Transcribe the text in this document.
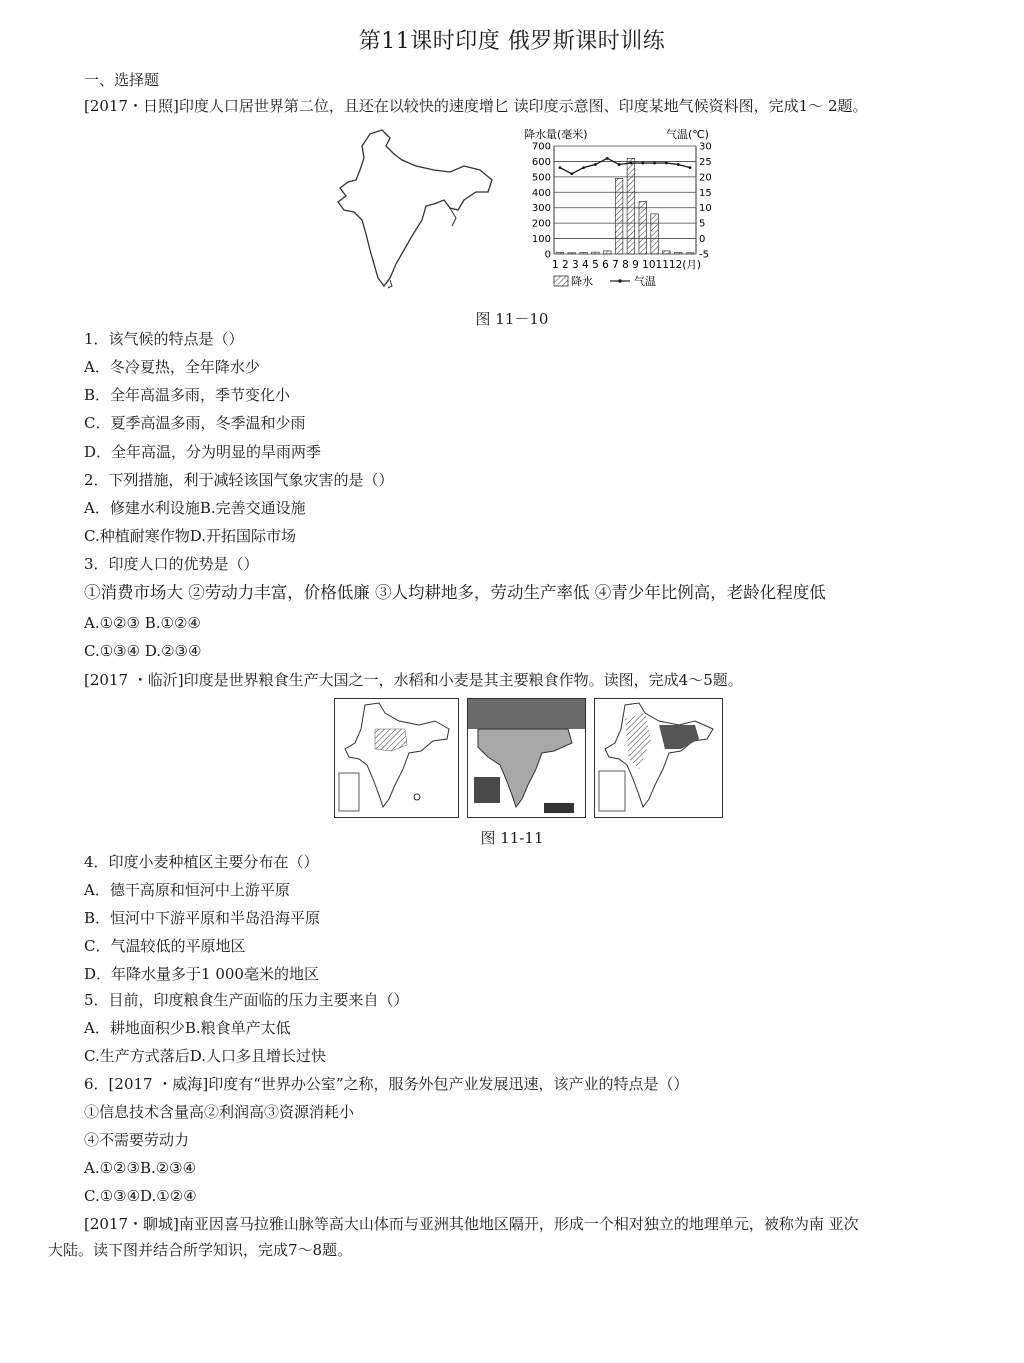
第11课时印度 俄罗斯课时训练
一、选择题
[2017・日照]印度人口居世界第二位，且还在以较快的速度增匕 读印度示意图、印度某地气候资料图，完成1～ 2题。
降水量(毫米)	气温(℃)
700
600
500
400
300
200
100
0
30
25
20
15
10
5
0
-5
1 2 3 4 5 6 7 8 9 101112(月)
降水	气温
图 11－10
1．该气候的特点是（）
A．冬冷夏热，全年降水少
B．全年高温多雨，季节变化小
C．夏季高温多雨，冬季温和少雨
D．全年高温，分为明显的旱雨两季
2．下列措施，利于减轻该国气象灾害的是（）
A．修建水利设施B.完善交通设施
C.种植耐寒作物D.开拓国际市场
3．印度人口的优势是（）
①消费市场大 ②劳动力丰富，价格低廉 ③人均耕地多，劳动生产率低 ④青少年比例高，老龄化程度低
A.①②③ B.①②④
C.①③④ D.②③④
[2017 ・临沂]印度是世界粮食生产大国之一，水稻和小麦是其主要粮食作物。读图，完成4～5题。
图 11-11
4．印度小麦种植区主要分布在（）
A．德干高原和恒河中上游平原
B．恒河中下游平原和半岛沿海平原
C．气温较低的平原地区
D．年降水量多于1 000毫米的地区
5．目前，印度粮食生产面临的压力主要来自（）
A．耕地面积少B.粮食单产太低
C.生产方式落后D.人口多且增长过快
6．[2017 ・威海]印度有“世界办公室”之称，服务外包产业发展迅速，该产业的特点是（）
①信息技术含量高②利润高③资源消耗小
④不需要劳动力
A.①②③B.②③④
C.①③④D.①②④
[2017・聊城]南亚因喜马拉雅山脉等高大山体而与亚洲其他地区隔开，形成一个相对独立的地理单元，被称为南 亚次
大陆。读下图并结合所学知识，完成7～8题。
